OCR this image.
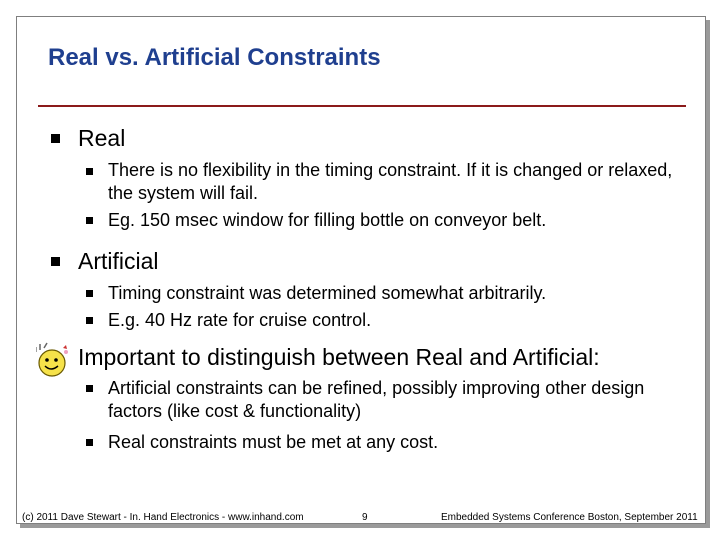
Real vs. Artificial Constraints
Real
There is no flexibility in the timing constraint. If it is changed or relaxed, the system will fail.
Eg. 150 msec window for filling bottle on conveyor belt.
Artificial
Timing constraint was determined somewhat arbitrarily.
E.g. 40 Hz rate for cruise control.
Important to distinguish between Real and Artificial:
Artificial constraints can be refined, possibly improving other design factors (like cost & functionality)
Real constraints must be met at any cost.
(c) 2011 Dave Stewart - In. Hand Electronics - www.inhand.com	9	Embedded Systems Conference Boston, September 2011
